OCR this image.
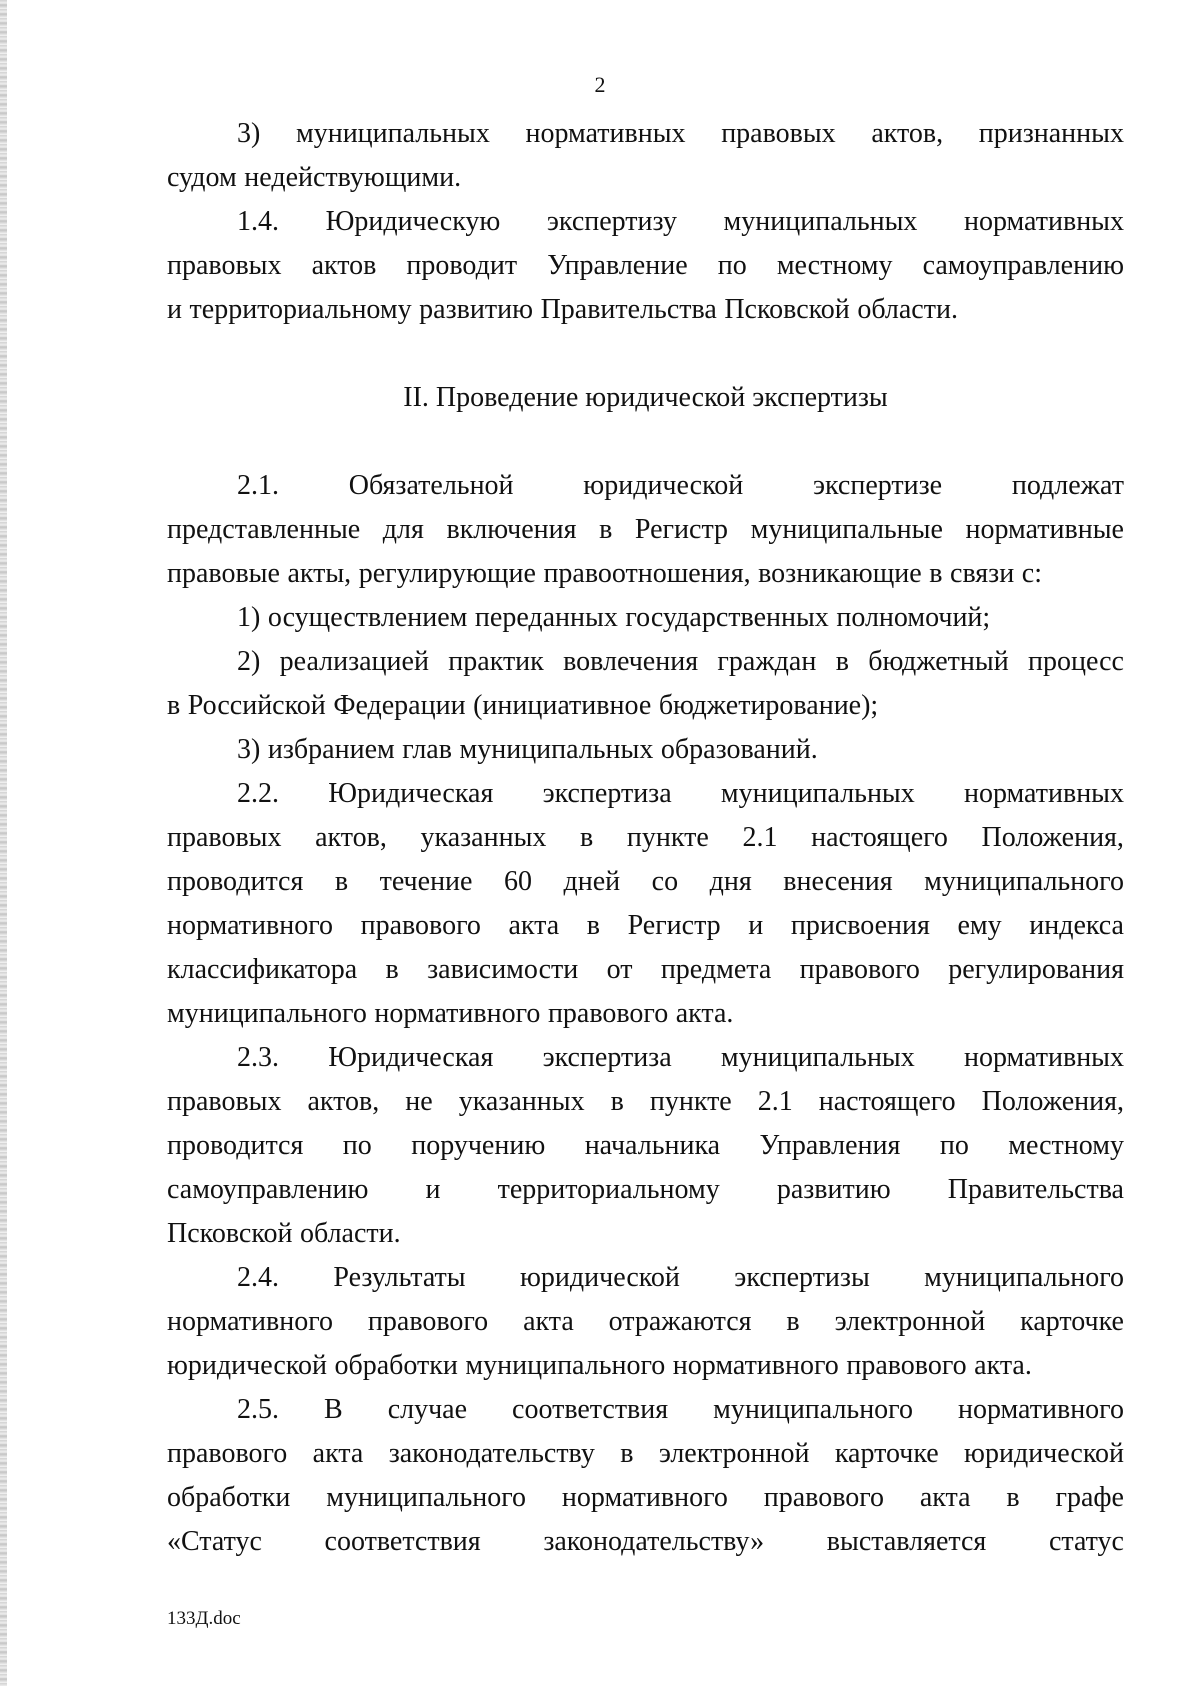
2
3) муниципальных нормативных правовых актов, признанных
судом недействующими.
1.4. Юридическую экспертизу муниципальных нормативных
правовых актов проводит Управление по местному самоуправлению
и территориальному развитию Правительства Псковской области.
II. Проведение юридической экспертизы
2.1. Обязательной юридической экспертизе подлежат
представленные для включения в Регистр муниципальные нормативные
правовые акты, регулирующие правоотношения, возникающие в связи с:
1) осуществлением переданных государственных полномочий;
2) реализацией практик вовлечения граждан в бюджетный процесс
в Российской Федерации (инициативное бюджетирование);
3) избранием глав муниципальных образований.
2.2. Юридическая экспертиза муниципальных нормативных
правовых актов, указанных в пункте 2.1 настоящего Положения,
проводится в течение 60 дней со дня внесения муниципального
нормативного правового акта в Регистр и присвоения ему индекса
классификатора в зависимости от предмета правового регулирования
муниципального нормативного правового акта.
2.3. Юридическая экспертиза муниципальных нормативных
правовых актов, не указанных в пункте 2.1 настоящего Положения,
проводится по поручению начальника Управления по местному
самоуправлению и территориальному развитию Правительства
Псковской области.
2.4. Результаты юридической экспертизы муниципального
нормативного правового акта отражаются в электронной карточке
юридической обработки муниципального нормативного правового акта.
2.5. В случае соответствия муниципального нормативного
правового акта законодательству в электронной карточке юридической
обработки муниципального нормативного правового акта в графе
«Статус соответствия законодательству» выставляется статус
133Д.doc
